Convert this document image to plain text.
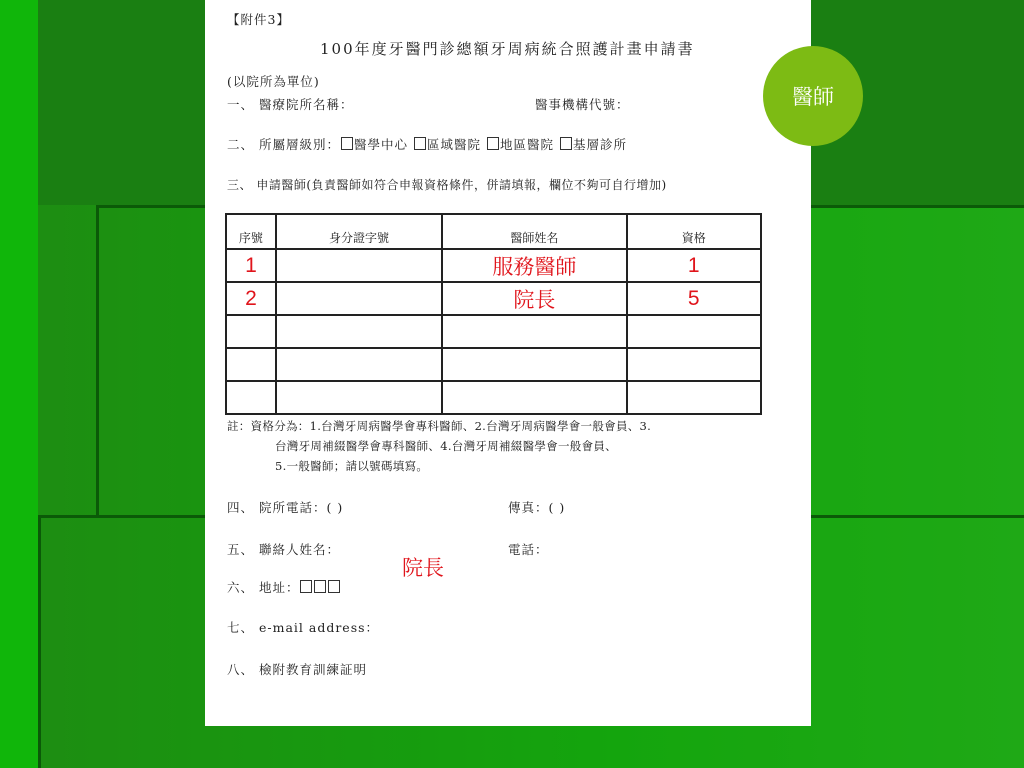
【附件3】
100年度牙醫門診總額牙周病統合照護計畫申請書
(以院所為單位)
一、 醫療院所名稱：	醫事機構代號：
二、 所屬層級別： 醫學中心 區域醫院 地區醫院 基層診所
三、 申請醫師(負責醫師如符合申報資格條件，併請填報，欄位不夠可自行增加)
序號	身分證字號	醫師姓名	資格
1		服務醫師	1
2		院長	5

註：資格分為：1.台灣牙周病醫學會專科醫師、2.台灣牙周病醫學會一般會員、3.
台灣牙周補綴醫學會專科醫師、4.台灣牙周補綴醫學會一般會員、
5.一般醫師；請以號碼填寫。
四、 院所電話：( )	傳真：( )
五、 聯絡人姓名：	電話：
六、 地址：
七、 e-mail address：
八、 檢附教育訓練証明
院長
醫師
